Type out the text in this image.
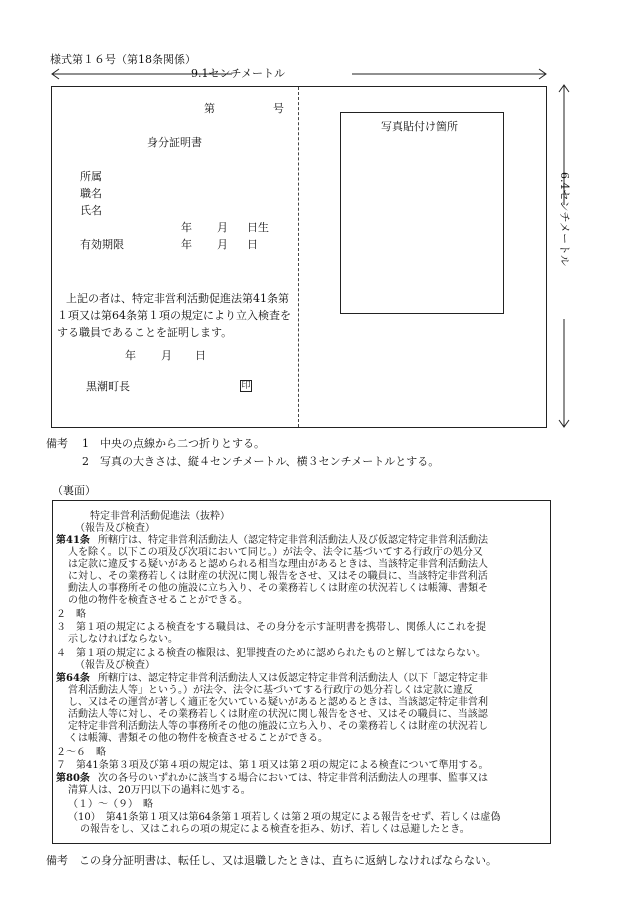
様式第１６号（第18条関係）
9.1センチメートル
6.4センチメートル
第	号
身分証明書
所属
職名
氏名
年 月 日生
有効期限	年 月 日
上記の者は、特定非営利活動促進法第41条第
１項又は第64条第１項の規定により立入検査を
する職員であることを証明します。
年 月 日
黒潮町長	印
写真貼付け箇所
備考 1　中央の点線から二つ折りとする。
2　写真の大きさは、縦４センチメートル、横３センチメートルとする。
（裏面）
特定非営利活動促進法（抜粋）
（報告及び検査）
第41条 所轄庁は、特定非営利活動法人（認定特定非営利活動法人及び仮認定特定非営利活動法
人を除く。以下この項及び次項において同じ。）が法令、法令に基づいてする行政庁の処分又
は定款に違反する疑いがあると認められる相当な理由があるときは、当該特定非営利活動法人
に対し、その業務若しくは財産の状況に関し報告をさせ、又はその職員に、当該特定非営利活
動法人の事務所その他の施設に立ち入り、その業務若しくは財産の状況若しくは帳簿、書類そ
の他の物件を検査させることができる。
２　略
３　第１項の規定による検査をする職員は、その身分を示す証明書を携帯し、関係人にこれを提
示しなければならない。
４　第１項の規定による検査の権限は、犯罪捜査のために認められたものと解してはならない。
（報告及び検査）
第64条 所轄庁は、認定特定非営利活動法人又は仮認定特定非営利活動法人（以下「認定特定非
営利活動法人等」という。）が法令、法令に基づいてする行政庁の処分若しくは定款に違反
し、又はその運営が著しく適正を欠いている疑いがあると認めるときは、当該認定特定非営利
活動法人等に対し、その業務若しくは財産の状況に関し報告をさせ、又はその職員に、当該認
定特定非営利活動法人等の事務所その他の施設に立ち入り、その業務若しくは財産の状況若し
くは帳簿、書類その他の物件を検査させることができる。
２～６　略
７　第41条第３項及び第４項の規定は、第１項又は第２項の規定による検査について準用する。
第80条 次の各号のいずれかに該当する場合においては、特定非営利活動法人の理事、監事又は
清算人は、20万円以下の過料に処する。
（１）～（９）　略
（10）　第41条第１項又は第64条第１項若しくは第２項の規定による報告をせず、若しくは虚偽
の報告をし、又はこれらの項の規定による検査を拒み、妨げ、若しくは忌避したとき。
備考　この身分証明書は、転任し、又は退職したときは、直ちに返納しなければならない。
